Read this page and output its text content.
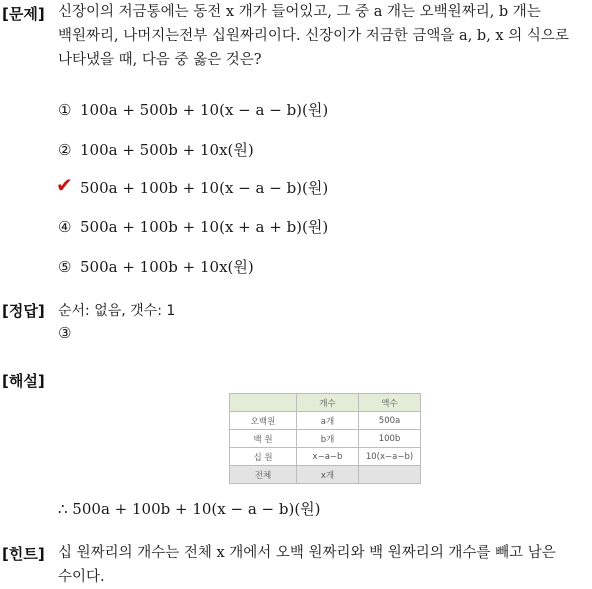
[문제] 신장이의 저금통에는 동전 x 개가 들어있고, 그 중 a 개는 오백원짜리, b 개는
백원짜리, 나머지는전부 십원짜리이다. 신장이가 저금한 금액을 a, b, x 의 식으로
나타냈을 때, 다음 중 옳은 것은?
① 100a + 500b + 10(x − a − b)(원)
② 100a + 500b + 10x(원)
✔ 500a + 100b + 10(x − a − b)(원)
④ 500a + 100b + 10(x + a + b)(원)
⑤ 500a + 100b + 10x(원)
[정답] 순서: 없음, 갯수: 1
③
[해설]
	개수	액수
오백원	a개	500a
백 원	b개	100b
십 원	x−a−b	10(x−a−b)
전체	x개	
∴ 500a + 100b + 10(x − a − b)(원)
[힌트] 십 원짜리의 개수는 전체 x 개에서 오백 원짜리와 백 원짜리의 개수를 빼고 남은
수이다.
